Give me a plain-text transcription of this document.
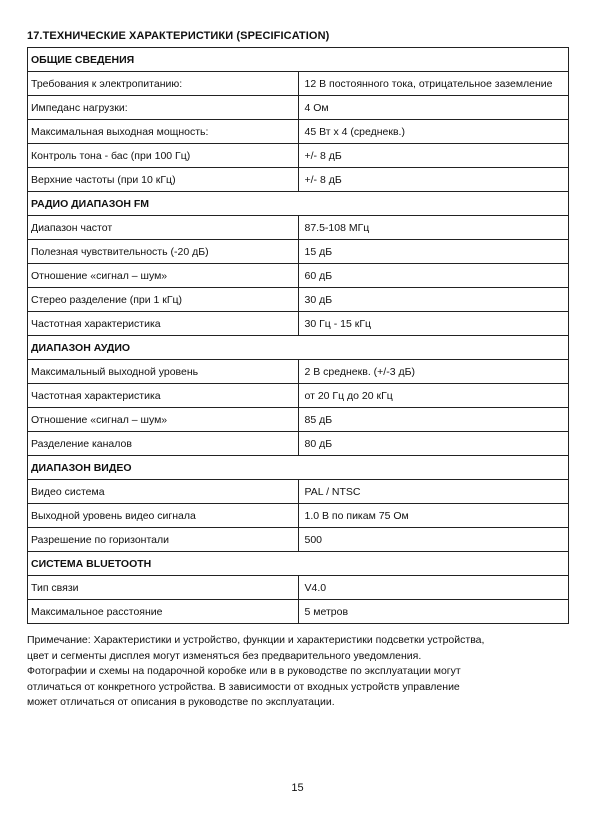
17.ТЕХНИЧЕСКИЕ ХАРАКТЕРИСТИКИ (SPECIFICATION)
ОБЩИЕ СВЕДЕНИЯ	
Требования к электропитанию:	12 В постоянного тока, отрицательное заземление
Импеданс нагрузки:	4 Ом
Максимальная выходная мощность:	45 Вт х 4 (среднекв.)
Контроль тона - бас (при 100 Гц)	+/- 8 дБ
Верхние частоты (при 10 кГц)	+/- 8 дБ
РАДИО ДИАПАЗОН FM	
Диапазон частот	87.5-108 МГц
Полезная чувствительность (-20 дБ)	15 дБ
Отношение «сигнал – шум»	60 дБ
Стерео разделение (при 1 кГц)	30 дБ
Частотная характеристика	30 Гц - 15 кГц
ДИАПАЗОН АУДИО	
Максимальный выходной уровень	2 В среднекв. (+/-3 дБ)
Частотная характеристика	от 20 Гц до 20 кГц
Отношение «сигнал – шум»	85 дБ
Разделение каналов	80 дБ
ДИАПАЗОН ВИДЕО	
Видео система	PAL / NTSC
Выходной уровень видео сигнала	1.0 В по пикам 75 Ом
Разрешение по горизонтали	500
СИСТЕМА BLUETOOTH	
Тип связи	V4.0
Максимальное расстояние	5 метров

Примечание: Характеристики и устройство, функции и характеристики подсветки устройства,

цвет и сегменты дисплея могут изменяться без предварительного уведомления.

Фотографии и схемы на подарочной коробке или в в руководстве по эксплуатации могут

отличаться от конкретного устройства. В зависимости от входных устройств управление

может отличаться от описания в руководстве по эксплуатации.

15
